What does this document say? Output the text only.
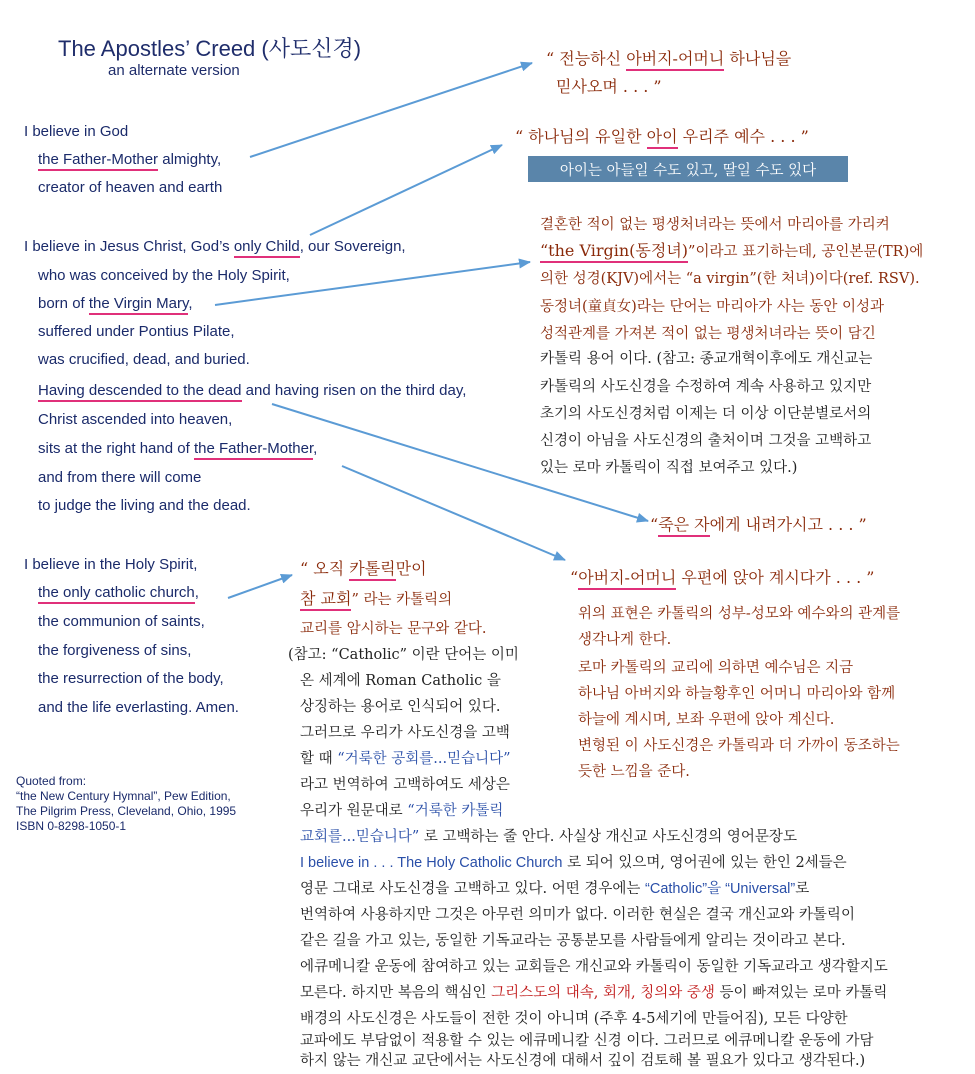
The Apostles’ Creed (사도신경)
an alternate version
I believe in God
the Father-Mother almighty,
creator of heaven and earth
I believe in Jesus Christ, God’s only Child, our Sovereign,
who was conceived by the Holy Spirit,
born of the Virgin Mary,
suffered under Pontius Pilate,
was crucified, dead, and buried.
Having descended to the dead and having risen on the third day,
Christ ascended into heaven,
sits at the right hand of the Father-Mother,
and from there will come
to judge the living and the dead.
I believe in the Holy Spirit,
the only catholic church,
the communion of saints,
the forgiveness of sins,
the resurrection of the body,
and the life everlasting. Amen.
Quoted from:
“the New Century Hymnal”, Pew Edition,
The Pilgrim Press, Cleveland, Ohio, 1995
ISBN 0-8298-1050-1
“ 전능하신 아버지-어머니 하나님을
믿사오며 . . . ”
“ 하나님의 유일한 아이 우리주 예수 . . . ”
아이는 아들일 수도 있고, 딸일 수도 있다
결혼한 적이 없는 평생처녀라는 뜻에서 마리아를 가리켜
“the Virgin(동정녀)”이라고 표기하는데, 공인본문(TR)에
의한 성경(KJV)에서는 “a virgin”(한 처녀)이다(ref. RSV).
동정녀(童貞女)라는 단어는 마리아가 사는 동안 이성과
성적관계를 가져본 적이 없는 평생처녀라는 뜻이 담긴
카톨릭 용어 이다. (참고: 종교개혁이후에도 개신교는
카톨릭의 사도신경을 수정하여 계속 사용하고 있지만
초기의 사도신경처럼 이제는 더 이상 이단분별로서의
신경이 아님을 사도신경의 출처이며 그것을 고백하고
있는 로마 카톨릭이 직접 보여주고 있다.)
“죽은 자에게 내려가시고 . . . ”
“아버지-어머니 우편에 앉아 계시다가 . . . ”
위의 표현은 카톨릭의 성부-성모와 예수와의 관계를
생각나게 한다.
로마 카톨릭의 교리에 의하면 예수님은 지금
하나님 아버지와 하늘황후인 어머니 마리아와 함께
하늘에 계시며, 보좌 우편에 앉아 계신다.
변형된 이 사도신경은 카톨릭과 더 가까이 동조하는
듯한 느낌을 준다.
“ 오직 카톨릭만이
참 교회” 라는 카톨릭의
교리를 암시하는 문구와 같다.
(참고: “Catholic” 이란 단어는 이미
온 세계에 Roman Catholic 을
상징하는 용어로 인식되어 있다.
그러므로 우리가 사도신경을 고백
할 때 “거룩한 공회를...믿습니다”
라고 번역하여 고백하여도 세상은
우리가 원문대로 “거룩한 카톨릭
교회를...믿습니다” 로 고백하는 줄 안다. 사실상 개신교 사도신경의 영어문장도
I believe in . . . The Holy Catholic Church 로 되어 있으며, 영어권에 있는 한인 2세들은
영문 그대로 사도신경을 고백하고 있다. 어떤 경우에는 “Catholic”을 “Universal”로
번역하여 사용하지만 그것은 아무런 의미가 없다. 이러한 현실은 결국 개신교와 카톨릭이
같은 길을 가고 있는, 동일한 기독교라는 공통분모를 사람들에게 알리는 것이라고 본다.
에큐메니칼 운동에 참여하고 있는 교회들은 개신교와 카톨릭이 동일한 기독교라고 생각할지도
모른다. 하지만 복음의 핵심인 그리스도의 대속, 회개, 칭의와 중생 등이 빠져있는 로마 카톨릭
배경의 사도신경은 사도들이 전한 것이 아니며 (주후 4-5세기에 만들어짐), 모든 다양한
교파에도 부담없이 적용할 수 있는 에큐메니칼 신경 이다. 그러므로 에큐메니칼 운동에 가담
하지 않는 개신교 교단에서는 사도신경에 대해서 깊이 검토해 볼 필요가 있다고 생각된다.)
